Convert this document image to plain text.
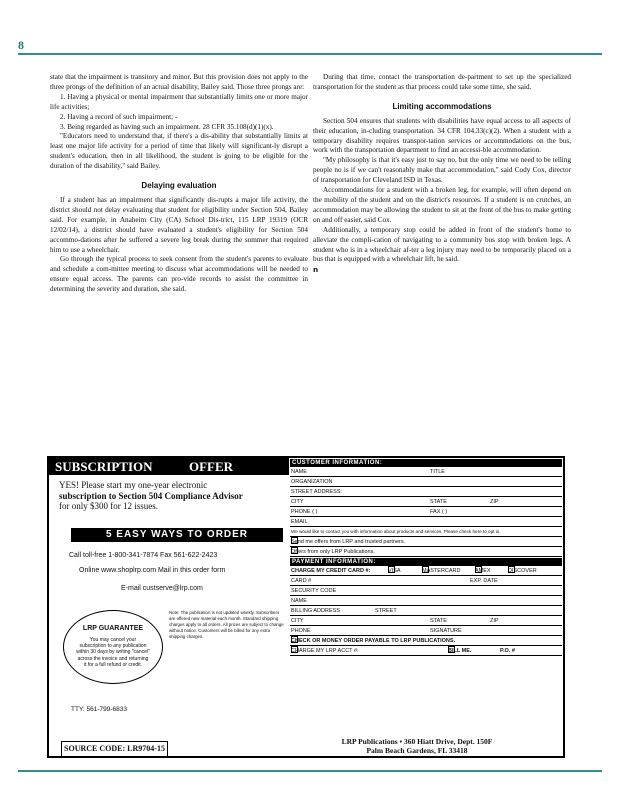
8

state that the impairment is transitory and minor. But this provision does not apply to the three prongs of the definition of an actual disability, Bailey said. Those three prongs are:

1. Having a physical or mental impairment that substantially limits one or more major life activities;

2. Having a record of such impairment; -

3. Being regarded as having such an impairment. 28 CFR 35.108(d)(1)(x).

"Educators need to understand that, if there's a dis-ability that substantially limits at least one major life activity for a period of time that likely will significant-ly disrupt a student's education, then in all likelihood, the student is going to be eligible for the duration of the disability," said Bailey.

Delaying evaluation

If a student has an impairment that significantly dis-rupts a major life activity, the district should not delay evaluating that student for eligibility under Section 504, Bailey said. For example, in Anaheim City (CA) School Dis-trict, 115 LRP 19319 (OCR 12/02/14), a district should have evaluated a student's eligibility for Section 504 accommo-dations after he suffered a severe leg break during the summer that required him to use a wheelchair.

Go through the typical process to seek consent from the student's parents to evaluate and schedule a com-mittee meeting to discuss what accommodations will be needed to ensure equal access. The parents can pro-vide records to assist the committee in determining the severity and duration, she said.

During that time, contact the transportation de-partment to set up the specialized transportation for the student as that process could take some time, she said.

Limiting accommodations

Section 504 ensures that students with disabilities have equal access to all aspects of their education, in-cluding transportation. 34 CFR 104.33(c)(2). When a student with a temporary disability requires transpor-tation services or accommodations on the bus, work with the transportation department to find an accessi-ble accommodation.

"My philosophy is that it's easy just to say no, but the only time we need to be telling people no is if we can't reasonably make that accommodation," said Cody Cox, director of transportation for Cleveland ISD in Texas.

Accommodations for a student with a broken leg, for example, will often depend on the mobility of the student and on the district's resources. If a student is on crutches, an accommodation may be allowing the student to sit at the front of the bus to make getting on and off easier, said Cox.

Additionally, a temporary stop could be added in front of the student's home to alleviate the compli-cation of navigating to a community bus stop with broken legs. A student who is in a wheelchair af-ter a leg injury may need to be temporarily placed on a bus that is equipped with a wheelchair lift, he said.

n
SUBSCRIPTION	OFFER
YES! Please start my one-year electronic
subscription to Section 504 Compliance Advisor
for only $300 for 12 issues.
5 EASY WAYS TO ORDER
Call toll-free 1-800-341-7874 Fax 561-622-2423
Online www.shoplrp.com Mail in this order form
E-mail custserve@lrp.com
LRP GUARANTEE
You may cancel your subscription to any publication within 30 days by writing "cancel" across the invoice and returning it for a full refund or credit.
Note: The publication is not updated weekly. Subscribers are offered new material each month. Standard shipping charges apply to all orders. All prices are subject to change without notice. Customers will be billed for any extra shipping charges.
TTY: 561-799-6833
SOURCE CODE: LR9704-15
CUSTOMER INFORMATION:
NAME	TITLE
ORGANIZATION
STREET ADDRESS:
CITY	STATE	ZIP
PHONE ( )	FAX ( )
EMAIL
We would like to contact you with information about products and services. Please check here to opt in.
Send me offers from LRP and trusted partners.
Offers from only LRP Publications.
PAYMENT INFORMATION:
CHARGE MY CREDIT CARD #:	VISA	MASTERCARD	AMEX	DISCOVER
CARD #	EXP. DATE
SECURITY CODE
NAME
BILLING ADDRESS	STREET
CITY	STATE	ZIP
PHONE	SIGNATURE
CHECK OR MONEY ORDER PAYABLE TO LRP PUBLICATIONS.
CHARGE MY LRP ACCT #:	BILL ME.	P.O. #
LRP Publications • 360 Hiatt Drive, Dept. 150F
Palm Beach Gardens, FL 33418
